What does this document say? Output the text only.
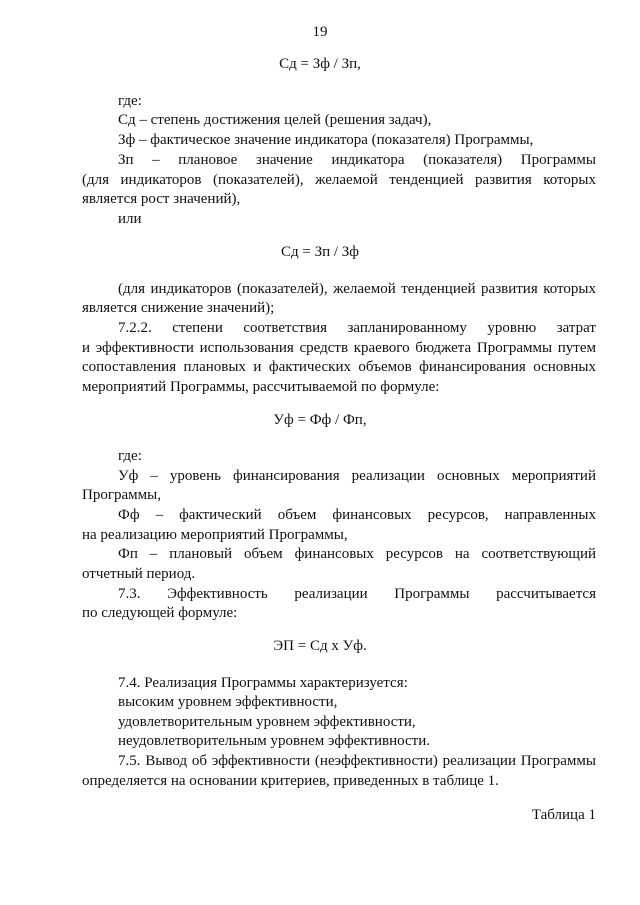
19
Сд = Зф / Зп,
где:
Сд – степень достижения целей (решения задач),
Зф – фактическое значение индикатора (показателя) Программы,
Зп – плановое значение индикатора (показателя) Программы
(для индикаторов (показателей), желаемой тенденцией развития которых
является рост значений),
или
Сд = Зп / Зф
(для индикаторов (показателей), желаемой тенденцией развития которых
является снижение значений);
7.2.2. степени соответствия запланированному уровню затрат
и эффективности использования средств краевого бюджета Программы путем
сопоставления плановых и фактических объемов финансирования основных
мероприятий Программы, рассчитываемой по формуле:
Уф = Фф / Фп,
где:
Уф – уровень финансирования реализации основных мероприятий
Программы,
Фф – фактический объем финансовых ресурсов, направленных
на реализацию мероприятий Программы,
Фп – плановый объем финансовых ресурсов на соответствующий
отчетный период.
7.3. Эффективность реализации Программы рассчитывается
по следующей формуле:
ЭП = Сд х Уф.
7.4. Реализация Программы характеризуется:
высоким уровнем эффективности,
удовлетворительным уровнем эффективности,
неудовлетворительным уровнем эффективности.
7.5. Вывод об эффективности (неэффективности) реализации Программы
определяется на основании критериев, приведенных в таблице 1.
Таблица 1
